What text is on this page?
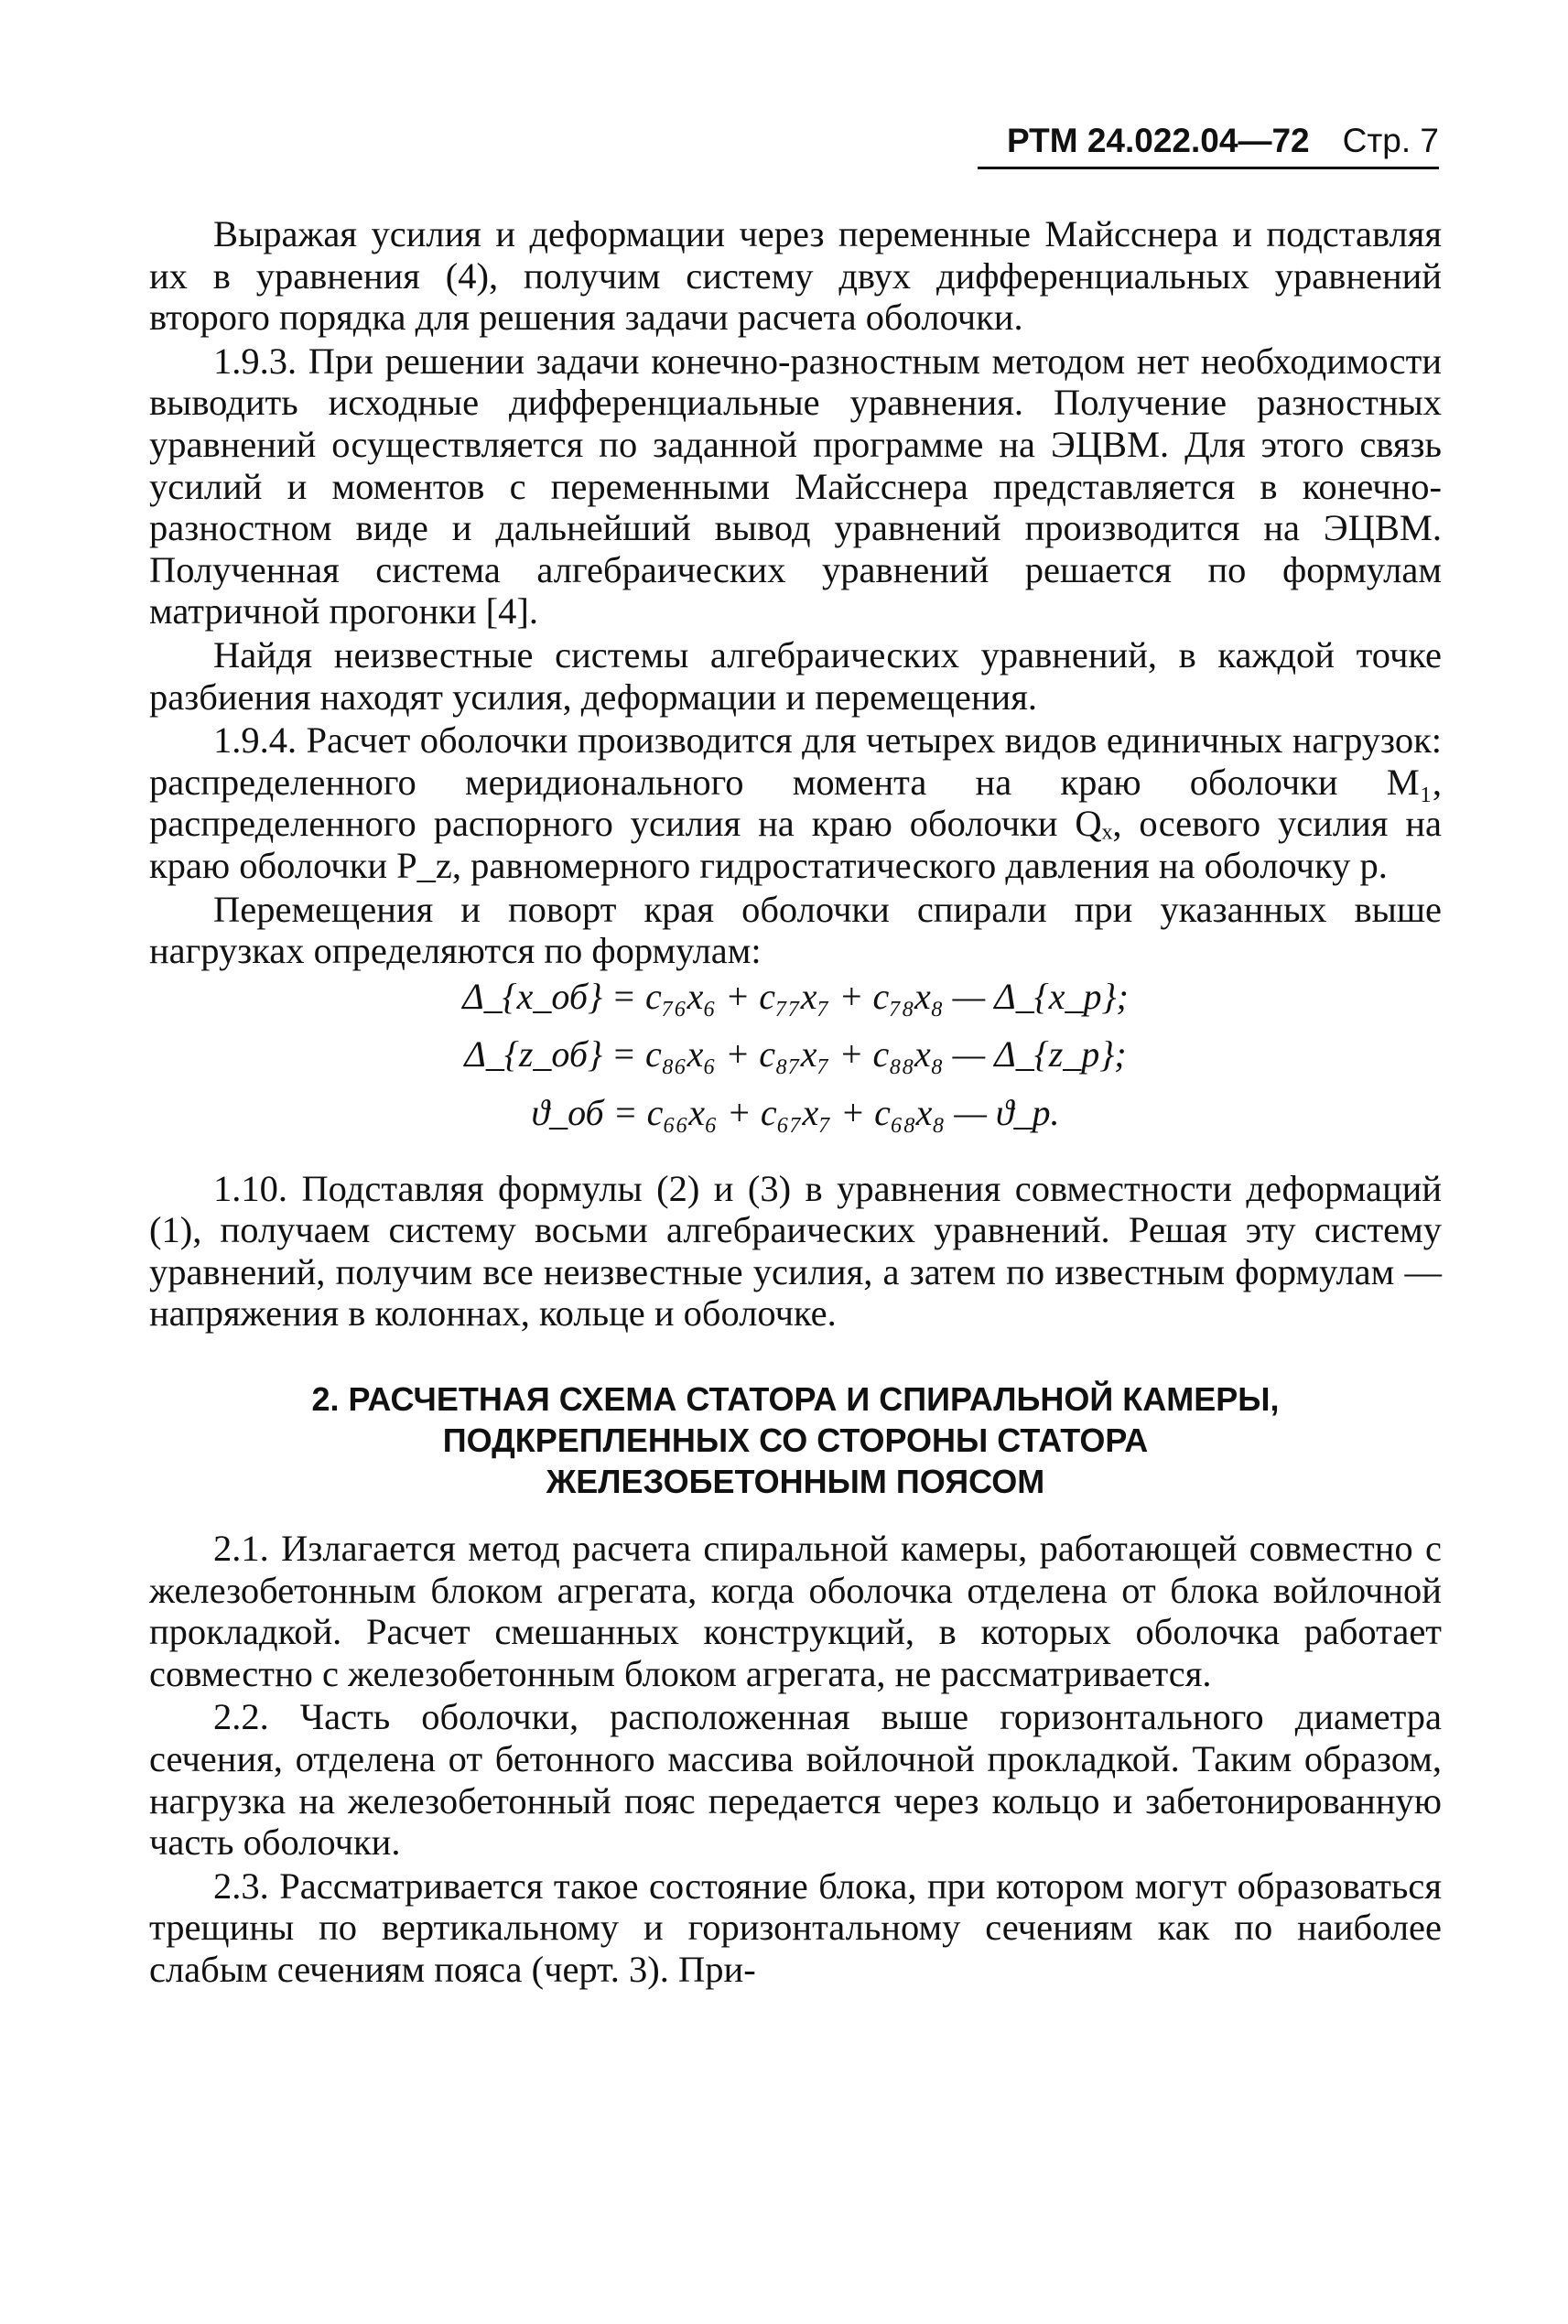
РТМ 24.022.04—72 Стр. 7

Выражая усилия и деформации через переменные Майсснера и подставляя их в уравнения (4), получим систему двух дифференциальных уравнений второго порядка для решения задачи расчета оболочки.

1.9.3. При решении задачи конечно-разностным методом нет необходимости выводить исходные дифференциальные уравнения. Получение разностных уравнений осуществляется по заданной программе на ЭЦВМ. Для этого связь усилий и моментов с переменными Майсснера представляется в конечно-разностном виде и дальнейший вывод уравнений производится на ЭЦВМ. Полученная система алгебраических уравнений решается по формулам матричной прогонки [4].

Найдя неизвестные системы алгебраических уравнений, в каждой точке разбиения находят усилия, деформации и перемещения.

1.9.4. Расчет оболочки производится для четырех видов единичных нагрузок: распределенного меридионального момента на краю оболочки M₁, распределенного распорного усилия на краю оболочки Qₓ, осевого усилия на краю оболочки P_z, равномерного гидростатического давления на оболочку p.

Перемещения и поворт края оболочки спирали при указанных выше нагрузках определяются по формулам:

Δ_{x_об} = c₇₆x₆ + c₇₇x₇ + c₇₈x₈ — Δ_{x_p};
Δ_{z_об} = c₈₆x₆ + c₈₇x₇ + c₈₈x₈ — Δ_{z_p};
ϑ_об = c₆₆x₆ + c₆₇x₇ + c₆₈x₈ — ϑ_p.

1.10. Подставляя формулы (2) и (3) в уравнения совместности деформаций (1), получаем систему восьми алгебраических уравнений. Решая эту систему уравнений, получим все неизвестные усилия, а затем по известным формулам — напряжения в колоннах, кольце и оболочке.

2. РАСЧЕТНАЯ СХЕМА СТАТОРА И СПИРАЛЬНОЙ КАМЕРЫ,
ПОДКРЕПЛЕННЫХ СО СТОРОНЫ СТАТОРА
ЖЕЛЕЗОБЕТОННЫМ ПОЯСОМ

2.1. Излагается метод расчета спиральной камеры, работающей совместно с железобетонным блоком агрегата, когда оболочка отделена от блока войлочной прокладкой. Расчет смешанных конструкций, в которых оболочка работает совместно с железобетонным блоком агрегата, не рассматривается.

2.2. Часть оболочки, расположенная выше горизонтального диаметра сечения, отделена от бетонного массива войлочной прокладкой. Таким образом, нагрузка на железобетонный пояс передается через кольцо и забетонированную часть оболочки.

2.3. Рассматривается такое состояние блока, при котором могут образоваться трещины по вертикальному и горизонтальному сечениям как по наиболее слабым сечениям пояса (черт. 3). При-
